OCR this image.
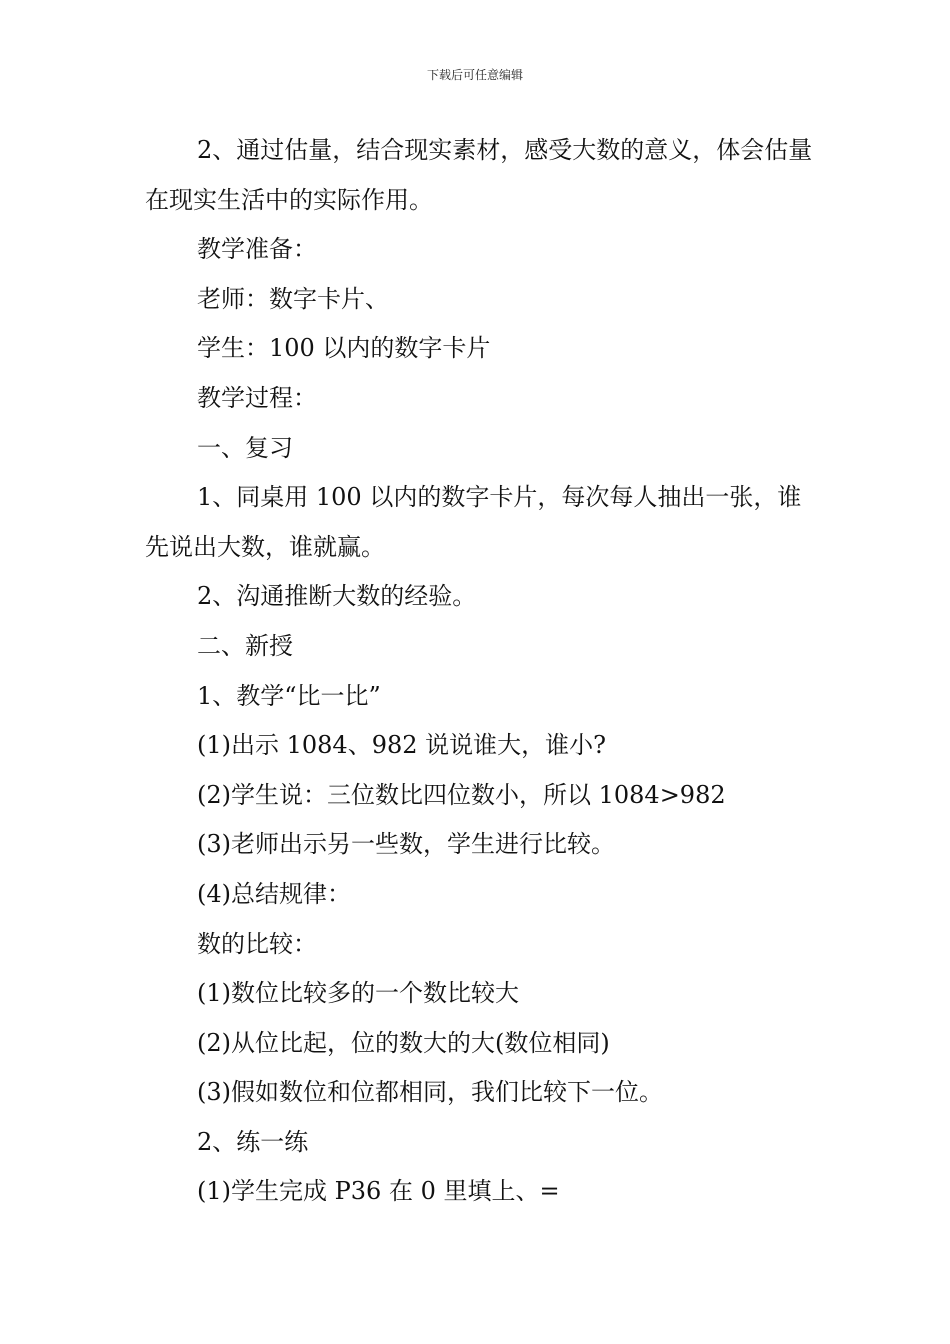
下载后可任意编辑

2、通过估量，结合现实素材，感受大数的意义，体会估量在现实生活中的实际作用。

教学准备：

老师：数字卡片、

学生：100 以内的数字卡片

教学过程：

一、复习

1、同桌用 100 以内的数字卡片，每次每人抽出一张，谁先说出大数，谁就赢。

2、沟通推断大数的经验。

二、新授

1、教学“比一比”

(1)出示 1084、982 说说谁大，谁小?

(2)学生说：三位数比四位数小，所以 1084>982

(3)老师出示另一些数，学生进行比较。

(4)总结规律：

数的比较：

(1)数位比较多的一个数比较大

(2)从位比起，位的数大的大(数位相同)

(3)假如数位和位都相同，我们比较下一位。

2、练一练

(1)学生完成 P36 在 0 里填上、=
